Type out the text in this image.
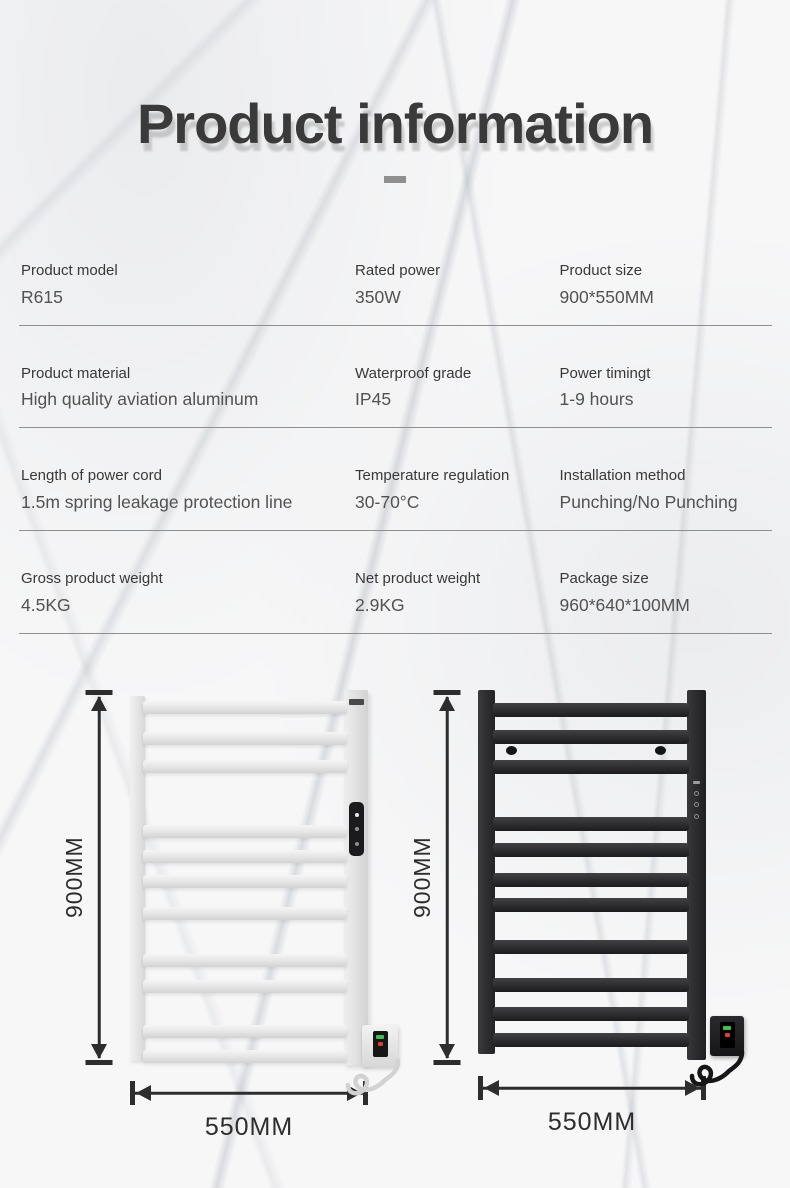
Product information
Product model
R615
Rated power
350W
Product size
900*550MM
Product material
High quality aviation aluminum
Waterproof grade
IP45
Power timingt
1-9 hours
Length of power cord
1.5m spring leakage protection line
Temperature regulation
30-70°C
Installation method
Punching/No Punching
Gross product weight
4.5KG
Net product weight
2.9KG
Package size
960*640*100MM
900MM
550MM
900MM
550MM
